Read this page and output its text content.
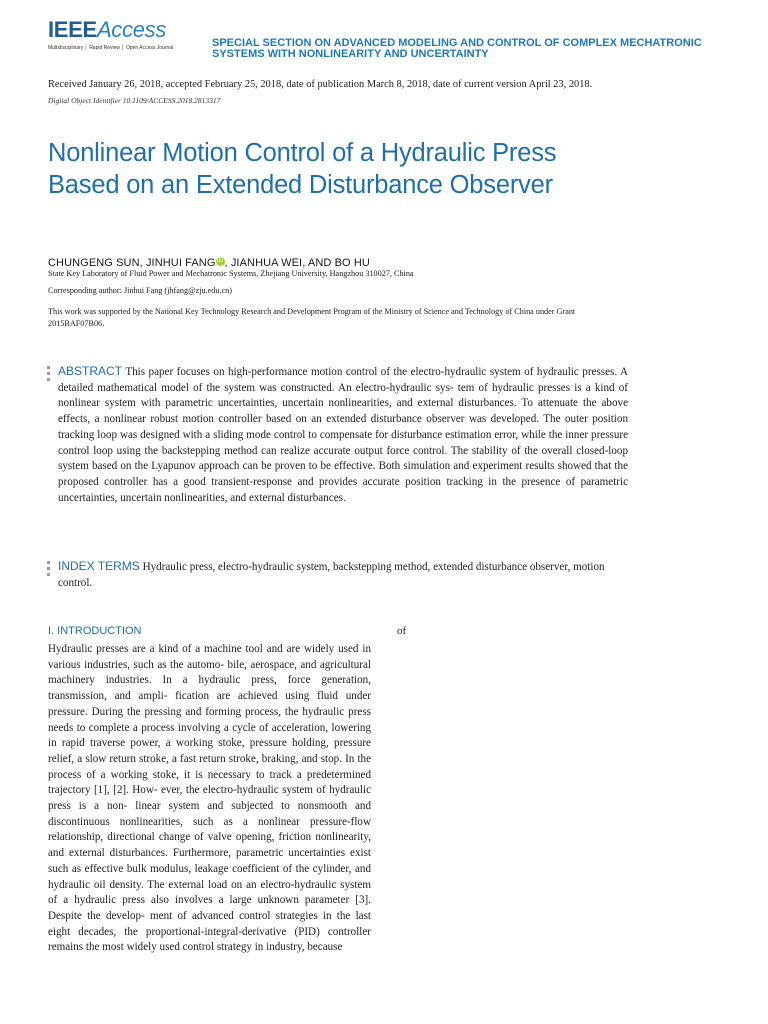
IEEEAccess
Multidisciplinary │ Rapid Review │ Open Access Journal	SPECIAL SECTION ON ADVANCED MODELING AND CONTROL OF COMPLEX MECHATRONIC SYSTEMS WITH NONLINEARITY AND UNCERTAINTY
Received January 26, 2018, accepted February 25, 2018, date of publication March 8, 2018, date of current version April 23, 2018.
Digital Object Identifier 10.1109/ACCESS.2018.2813317
Nonlinear Motion Control of a Hydraulic Press Based on an Extended Disturbance Observer
CHUNGENG SUN, JINHUI FANG iD , JIANHUA WEI, AND BO HU
State Key Laboratory of Fluid Power and Mechatronic Systems, Zhejiang University, Hangzhou 310027, China
Corresponding author: Jinhui Fang (jhfang@zju.edu.cn)
This work was supported by the National Key Technology Research and Development Program of the Ministry of Science and Technology of China under Grant 2015BAF07B06.
ABSTRACT This paper focuses on high-performance motion control of the electro-hydraulic system of hydraulic presses. A detailed mathematical model of the system was constructed. An electro-hydraulic sys- tem of hydraulic presses is a kind of nonlinear system with parametric uncertainties, uncertain nonlinearities, and external disturbances. To attenuate the above effects, a nonlinear robust motion controller based on an extended disturbance observer was developed. The outer position tracking loop was designed with a sliding mode control to compensate for disturbance estimation error, while the inner pressure control loop using the backstepping method can realize accurate output force control. The stability of the overall closed-loop system based on the Lyapunov approach can be proven to be effective. Both simulation and experiment results showed that the proposed controller has a good transient-response and provides accurate position tracking in the presence of parametric uncertainties, uncertain nonlinearities, and external disturbances.
INDEX TERMS Hydraulic press, electro-hydraulic system, backstepping method, extended disturbance observer, motion control.
I. INTRODUCTION	of
Hydraulic presses are a kind of a machine tool and are widely used in various industries, such as the automo- bile, aerospace, and agricultural machinery industries. In a hydraulic press, force generation, transmission, and ampli- fication are achieved using fluid under pressure. During the pressing and forming process, the hydraulic press needs to complete a process involving a cycle of acceleration, lowering in rapid traverse power, a working stoke, pressure holding, pressure relief, a slow return stroke, a fast return stroke, braking, and stop. In the process of a working stoke, it is necessary to track a predetermined trajectory [1], [2]. How- ever, the electro-hydraulic system of hydraulic press is a non- linear system and subjected to nonsmooth and discontinuous nonlinearities, such as a nonlinear pressure-flow relationship, directional change of valve opening, friction nonlinearity, and external disturbances. Furthermore, parametric uncertainties exist such as effective bulk modulus, leakage coefficient of the cylinder, and hydraulic oil density. The external load on an electro-hydraulic system of a hydraulic press also involves a large unknown parameter [3]. Despite the develop- ment of advanced control strategies in the last eight decades, the proportional-integral-derivative (PID) controller remains the most widely used control strategy in industry, because
